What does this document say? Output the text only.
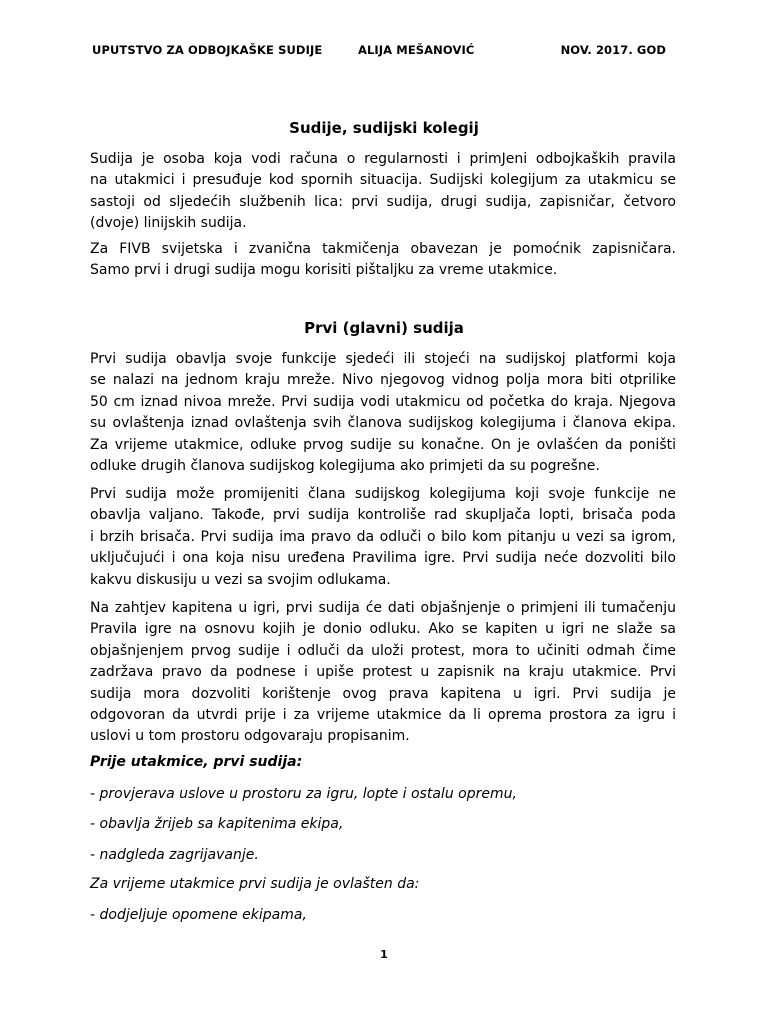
UPUTSTVO ZA ODBOJKAŠKE SUDIJE	ALIJA MEŠANOVIĆ	NOV. 2017. GOD
Sudije, sudijski kolegij
Sudija je osoba koja vodi računa o regularnosti i primJeni odbojkaških pravila
na utakmici i presuđuje kod spornih situacija. Sudijski kolegijum za utakmicu se
sastoji od sljedećih službenih lica: prvi sudija, drugi sudija, zapisničar, četvoro
(dvoje) linijskih sudija.
Za FIVB svijetska i zvanična takmičenja obavezan je pomoćnik zapisničara.
Samo prvi i drugi sudija mogu korisiti pištaljku za vreme utakmice.
Prvi (glavni) sudija
Prvi sudija obavlja svoje funkcije sjedeći ili stojeći na sudijskoj platformi koja
se nalazi na jednom kraju mreže. Nivo njegovog vidnog polja mora biti otprilike
50 cm iznad nivoa mreže. Prvi sudija vodi utakmicu od početka do kraja. Njegova
su ovlaštenja iznad ovlaštenja svih članova sudijskog kolegijuma i članova ekipa.
Za vrijeme utakmice, odluke prvog sudije su konačne. On je ovlašćen da poništi
odluke drugih članova sudijskog kolegijuma ako primjeti da su pogrešne.
Prvi sudija može promijeniti člana sudijskog kolegijuma koji svoje funkcije ne
obavlja valjano. Takođe, prvi sudija kontroliše rad skupljača lopti, brisača poda
i brzih brisača. Prvi sudija ima pravo da odluči o bilo kom pitanju u vezi sa igrom,
uključujući i ona koja nisu uređena Pravilima igre. Prvi sudija neće dozvoliti bilo
kakvu diskusiju u vezi sa svojim odlukama.
Na zahtjev kapitena u igri, prvi sudija će dati objašnjenje o primjeni ili tumačenju
Pravila igre na osnovu kojih je donio odluku. Ako se kapiten u igri ne slaže sa
objašnjenjem prvog sudije i odluči da uloži protest, mora to učiniti odmah čime
zadržava pravo da podnese i upiše protest u zapisnik na kraju utakmice. Prvi
sudija mora dozvoliti korištenje ovog prava kapitena u igri. Prvi sudija je
odgovoran da utvrdi prije i za vrijeme utakmice da li oprema prostora za igru i
uslovi u tom prostoru odgovaraju propisanim.
Prije utakmice, prvi sudija:
- provjerava uslove u prostoru za igru, lopte i ostalu opremu,
- obavlja žrijeb sa kapitenima ekipa,
- nadgleda zagrijavanje.
Za vrijeme utakmice prvi sudija je ovlašten da:
- dodjeljuje opomene ekipama,
1
